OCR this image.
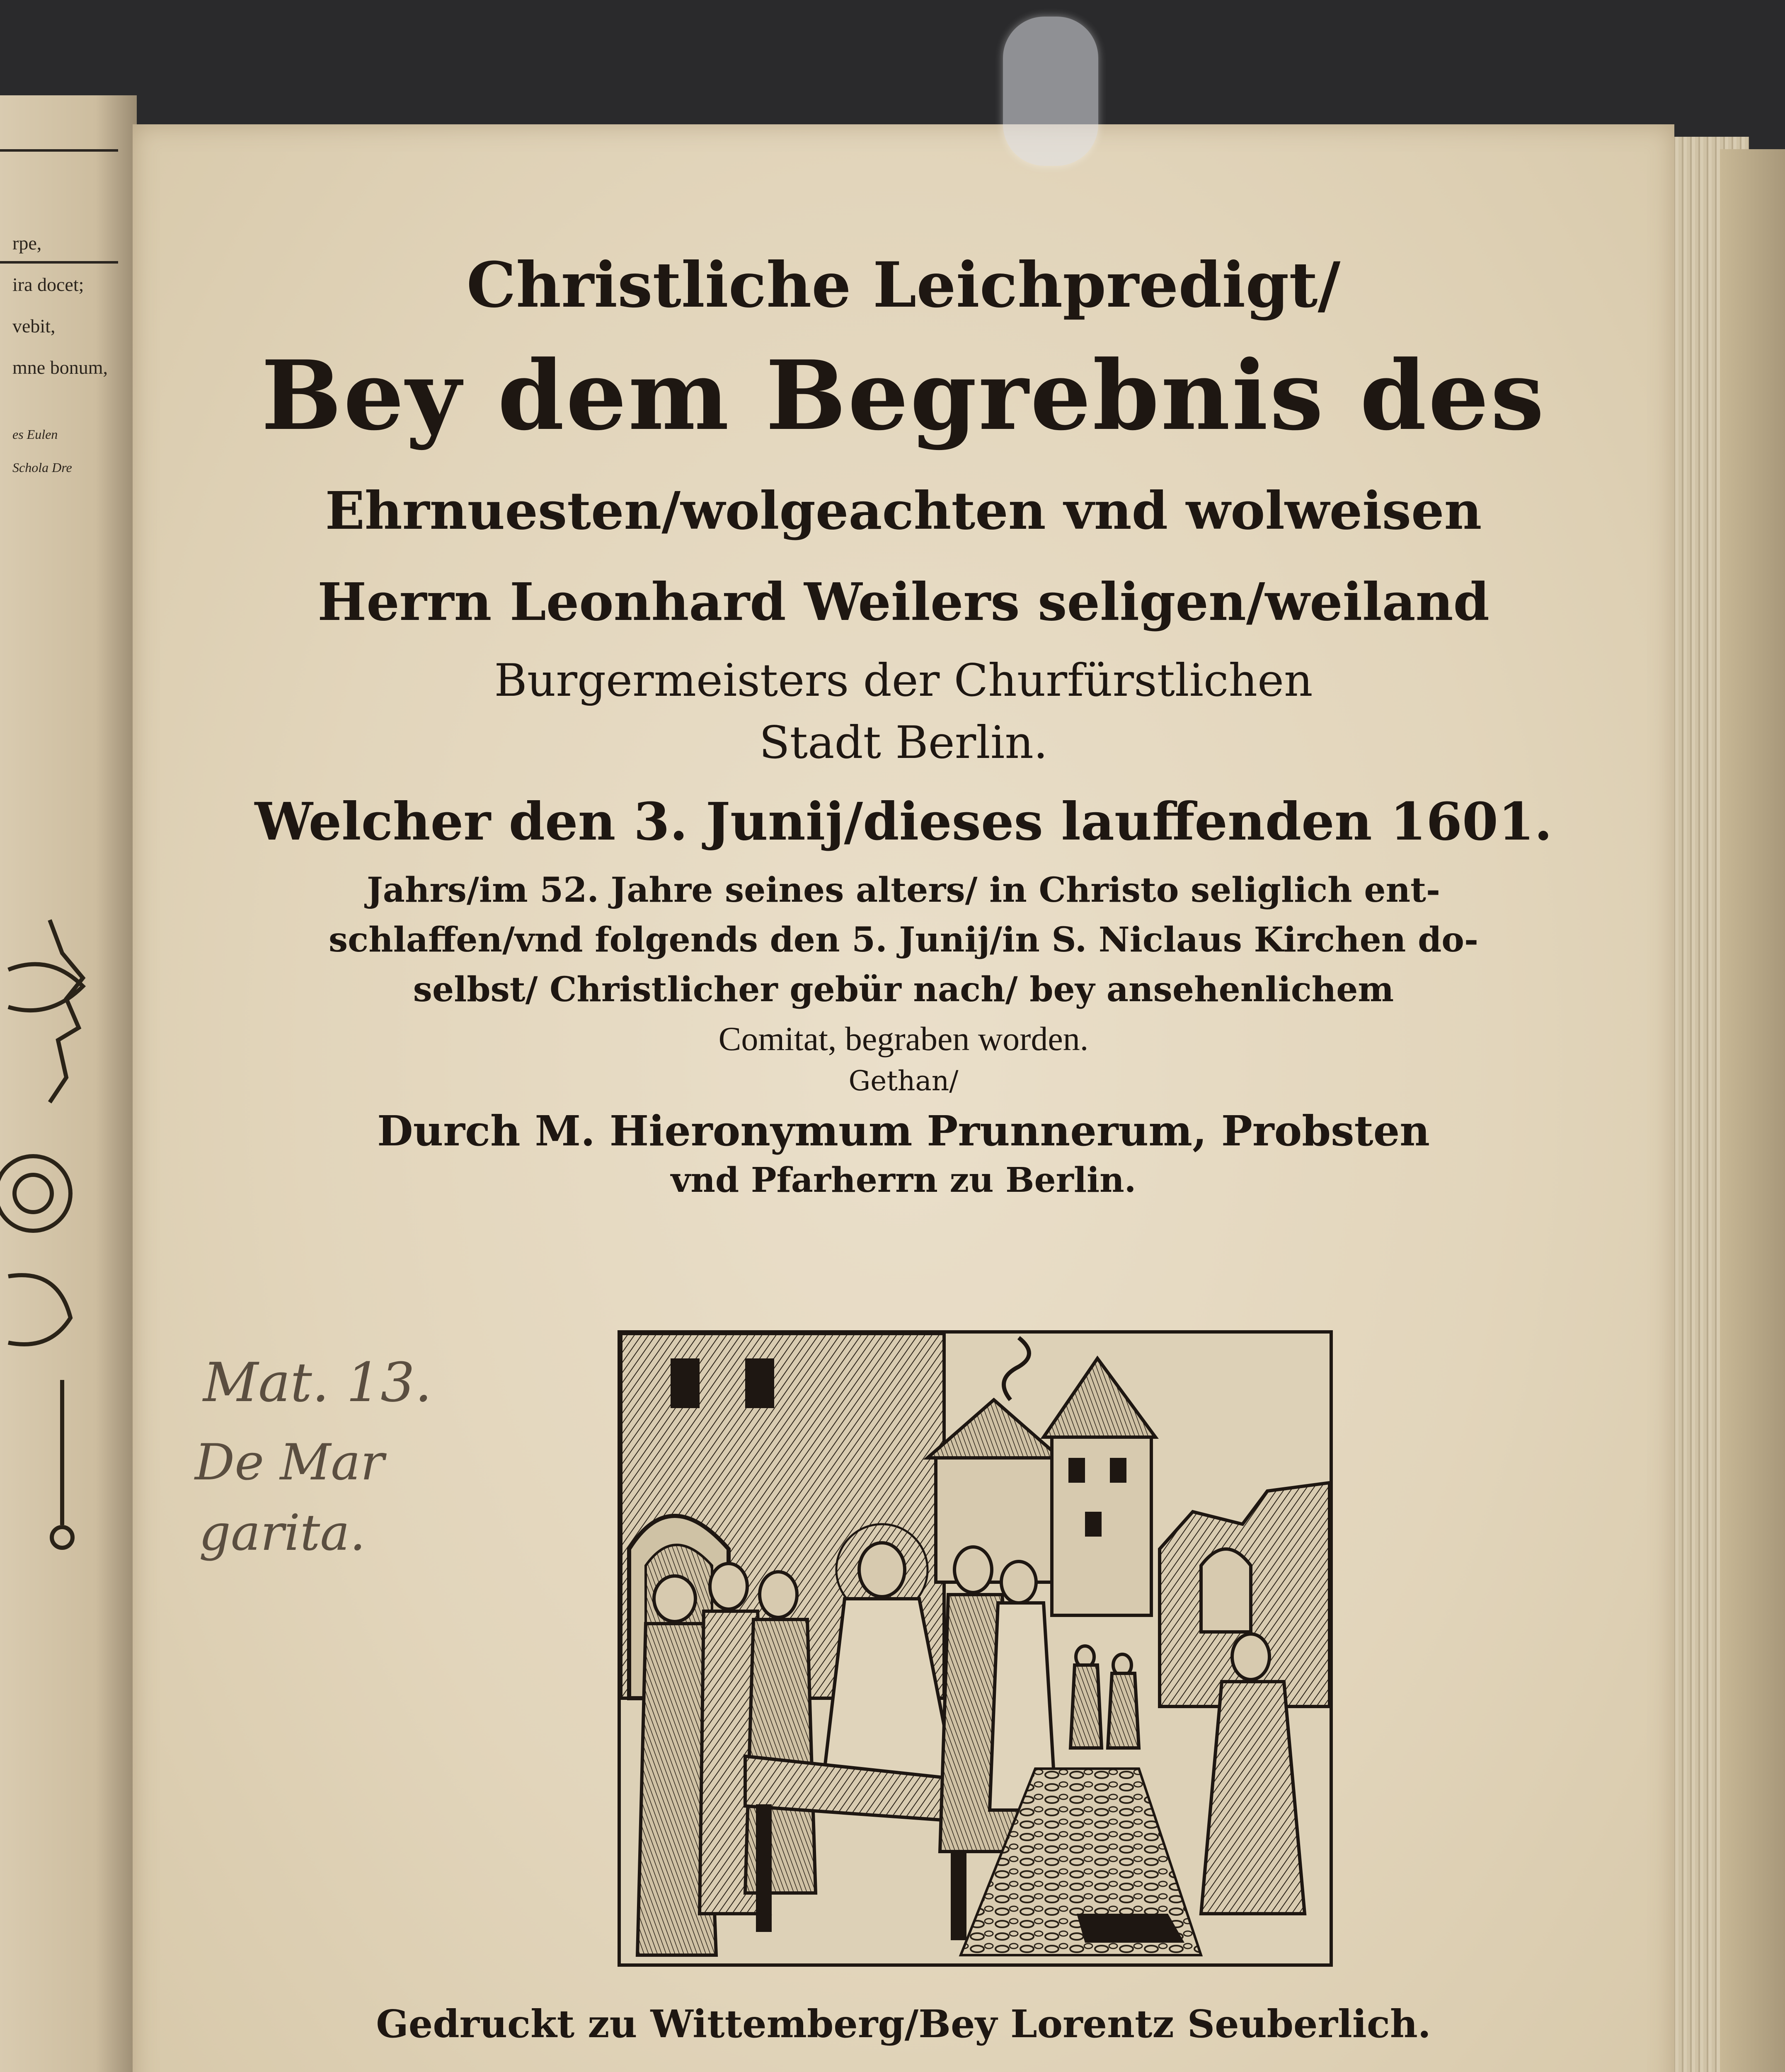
rpe,
ira docet;
vebit,
mne bonum,
es Eulen
Schola Dre
Christliche Leichpredigt/
Bey dem Begrebnis des
Ehrnuesten/wolgeachten vnd wolweisen
Herrn Leonhard Weilers seligen/weiland
Burgermeisters der Churfürstlichen
Stadt Berlin.
Welcher den 3. Junij/dieses lauffenden 1601.
Jahrs/im 52. Jahre seines alters/ in Christo seliglich ent-
schlaffen/vnd folgends den 5. Junij/in S. Niclaus Kirchen do-
selbst/ Christlicher gebür nach/ bey ansehenlichem
Comitat, begraben worden.
Gethan/
Durch M. Hieronymum Prunnerum, Probsten
vnd Pfarherrn zu Berlin.
Gedruckt zu Wittemberg/Bey Lorentz Seuberlich.
Mat. 13.
De Mar
garita.
